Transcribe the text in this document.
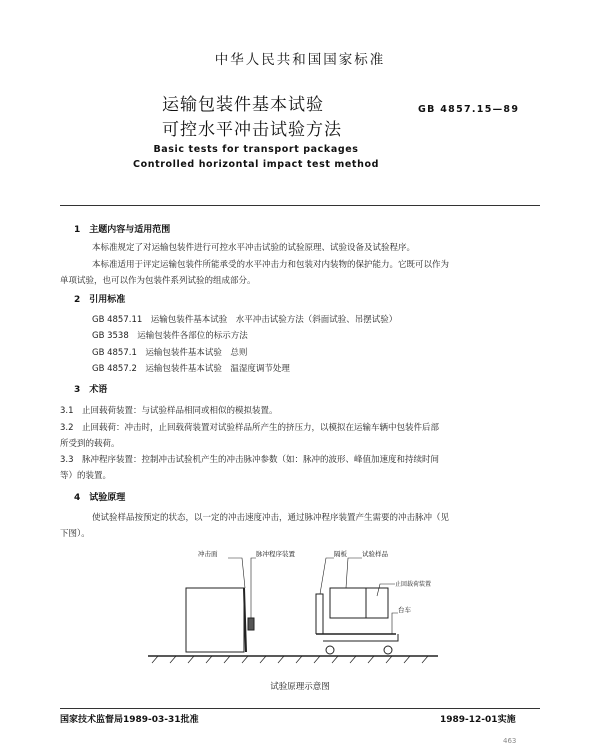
中华人民共和国国家标准
运输包装件基本试验
可控水平冲击试验方法
GB 4857.15—89
Basic tests for transport packages
Controlled horizontal impact test method
1　主题内容与适用范围
本标准规定了对运输包装件进行可控水平冲击试验的试验原理、试验设备及试验程序。
本标准适用于评定运输包装件所能承受的水平冲击力和包装对内装物的保护能力。它既可以作为
单项试验，也可以作为包装件系列试验的组成部分。
2　引用标准
GB 4857.11　运输包装件基本试验　水平冲击试验方法（斜面试验、吊摆试验）
GB 3538　运输包装件各部位的标示方法
GB 4857.1　运输包装件基本试验　总则
GB 4857.2　运输包装件基本试验　温湿度调节处理
3　术语
3.1　止回载荷装置：与试验样品相同或相似的模拟装置。
3.2　止回载荷：冲击时，止回载荷装置对试验样品所产生的挤压力，以模拟在运输车辆中包装件后部
所受到的载荷。
3.3　脉冲程序装置：控制冲击试验机产生的冲击脉冲参数（如：脉冲的波形、峰值加速度和持续时间
等）的装置。
4　试验原理
使试验样品按预定的状态，以一定的冲击速度冲击，通过脉冲程序装置产生需要的冲击脉冲（见
下图）。
冲击面	脉冲程序装置	隔板 试验样品
止回载荷装置
台车
试验原理示意图
国家技术监督局1989-03-31批准	1989-12-01实施
463
